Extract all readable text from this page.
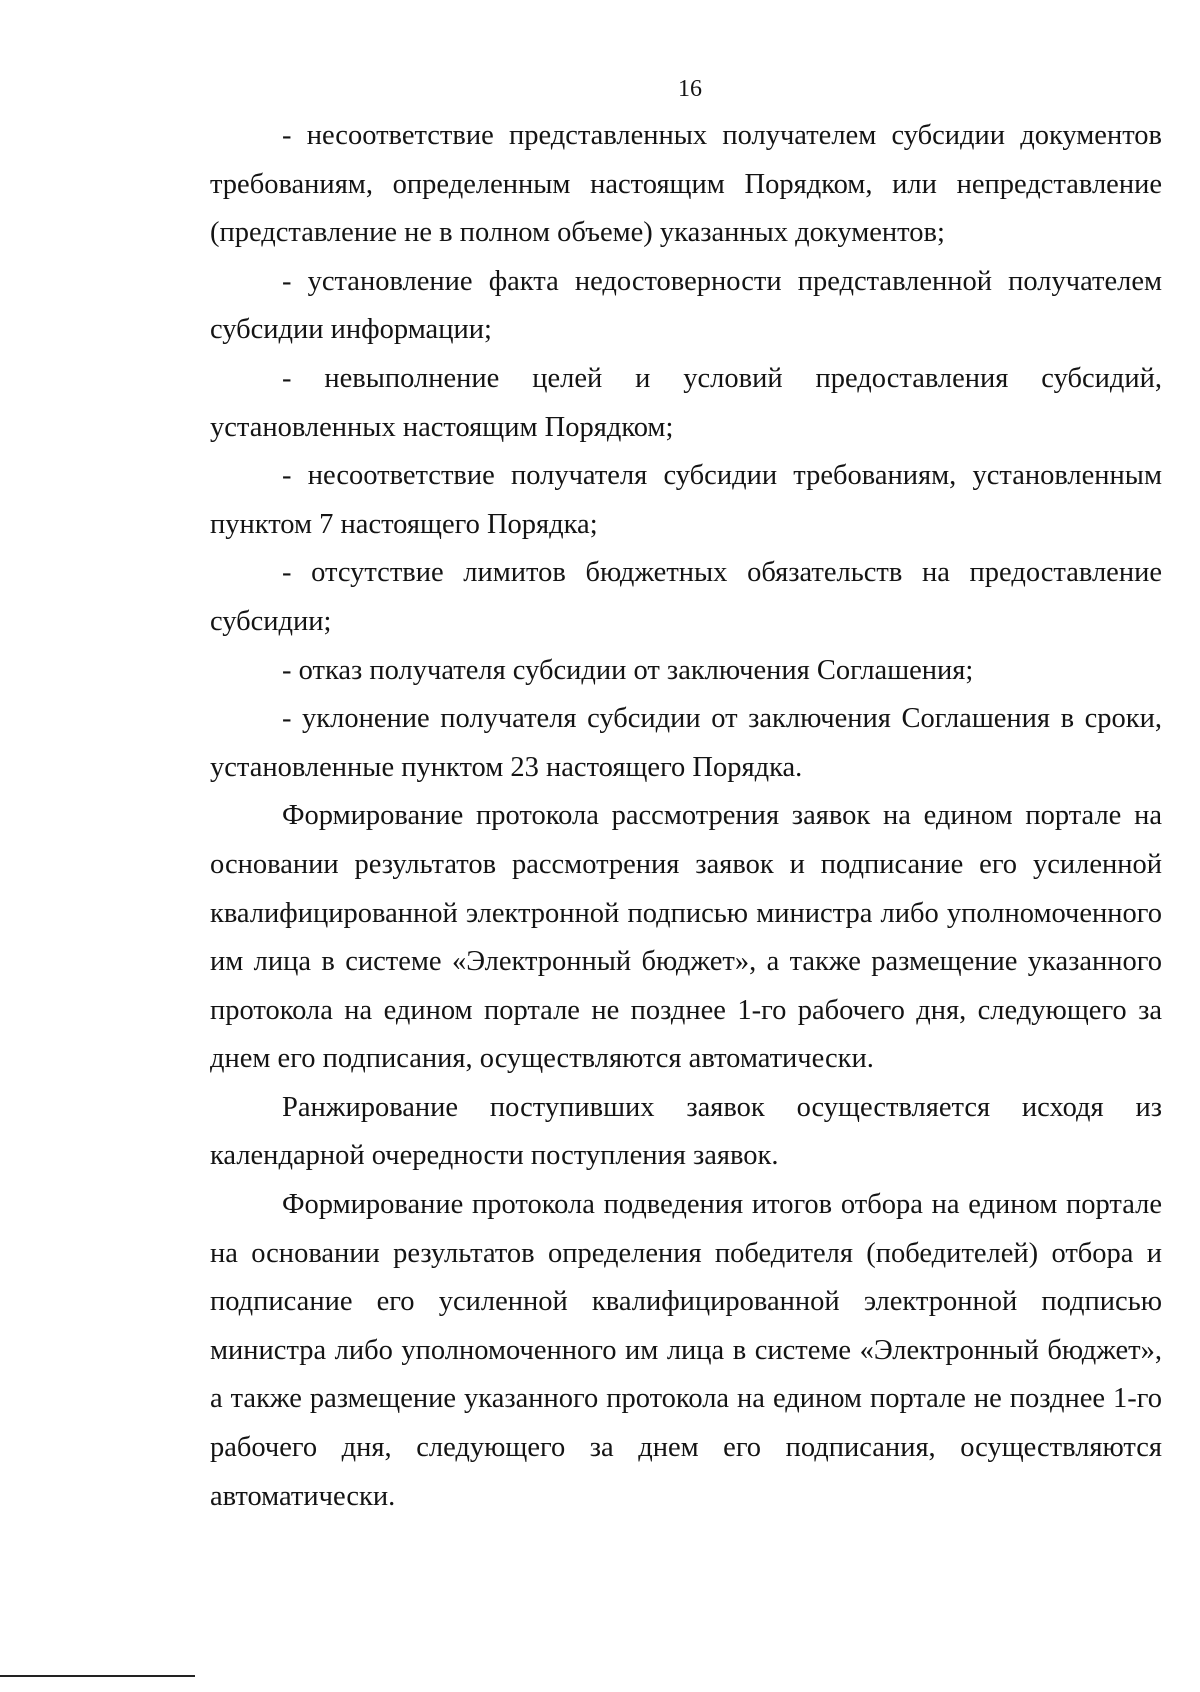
16

- несоответствие представленных получателем субсидии документов требованиям, определенным настоящим Порядком, или непредставление (представление не в полном объеме) указанных документов;

- установление факта недостоверности представленной получателем субсидии информации;

- невыполнение целей и условий предоставления субсидий, установленных настоящим Порядком;

- несоответствие получателя субсидии требованиям, установленным пунктом 7 настоящего Порядка;

- отсутствие лимитов бюджетных обязательств на предоставление субсидии;

- отказ получателя субсидии от заключения Соглашения;

- уклонение получателя субсидии от заключения Соглашения в сроки, установленные пунктом 23 настоящего Порядка.

Формирование протокола рассмотрения заявок на едином портале на основании результатов рассмотрения заявок и подписание его усиленной квалифицированной электронной подписью министра либо уполномоченного им лица в системе «Электронный бюджет», а также размещение указанного протокола на едином портале не позднее 1-го рабочего дня, следующего за днем его подписания, осуществляются автоматически.

Ранжирование поступивших заявок осуществляется исходя из календарной очередности поступления заявок.

Формирование протокола подведения итогов отбора на едином портале на основании результатов определения победителя (победителей) отбора и подписание его усиленной квалифицированной электронной подписью министра либо уполномоченного им лица в системе «Электронный бюджет», а также размещение указанного протокола на едином портале не позднее 1-го рабочего дня, следующего за днем его подписания, осуществляются автоматически.
